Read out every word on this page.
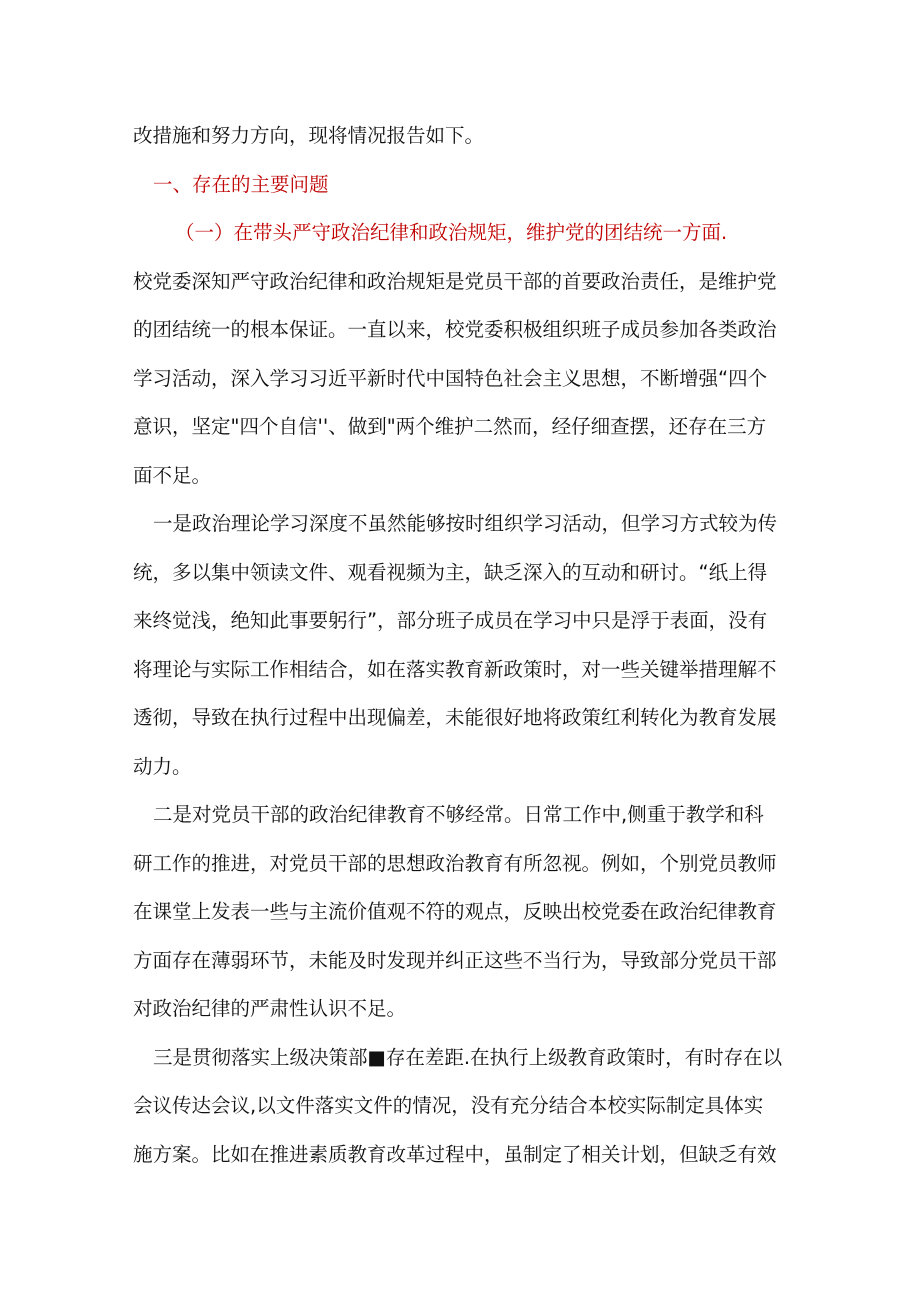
改措施和努力方向，现将情况报告如下。
一、存在的主要问题
（一）在带头严守政治纪律和政治规矩，维护党的团结统一方面.
校党委深知严守政治纪律和政治规矩是党员干部的首要政治责任，是维护党
的团结统一的根本保证。一直以来，校党委积极组织班子成员参加各类政治
学习活动，深入学习习近平新时代中国特色社会主义思想，不断增强“四个
意识，坚定"四个自信''、做到"两个维护二然而，经仔细查摆，还存在三方
面不足。
一是政治理论学习深度不虽然能够按时组织学习活动，但学习方式较为传
统，多以集中领读文件、观看视频为主，缺乏深入的互动和研讨。“纸上得
来终觉浅，绝知此事要躬行”，部分班子成员在学习中只是浮于表面，没有
将理论与实际工作相结合，如在落实教育新政策时，对一些关键举措理解不
透彻，导致在执行过程中出现偏差，未能很好地将政策红利转化为教育发展
动力。
二是对党员干部的政治纪律教育不够经常。日常工作中,侧重于教学和科
研工作的推进，对党员干部的思想政治教育有所忽视。例如，个别党员教师
在课堂上发表一些与主流价值观不符的观点，反映出校党委在政治纪律教育
方面存在薄弱环节，未能及时发现并纠正这些不当行为，导致部分党员干部
对政治纪律的严肃性认识不足。
三是贯彻落实上级决策部■存在差距.在执行上级教育政策时，有时存在以
会议传达会议,以文件落实文件的情况，没有充分结合本校实际制定具体实
施方案。比如在推进素质教育改革过程中，虽制定了相关计划，但缺乏有效
